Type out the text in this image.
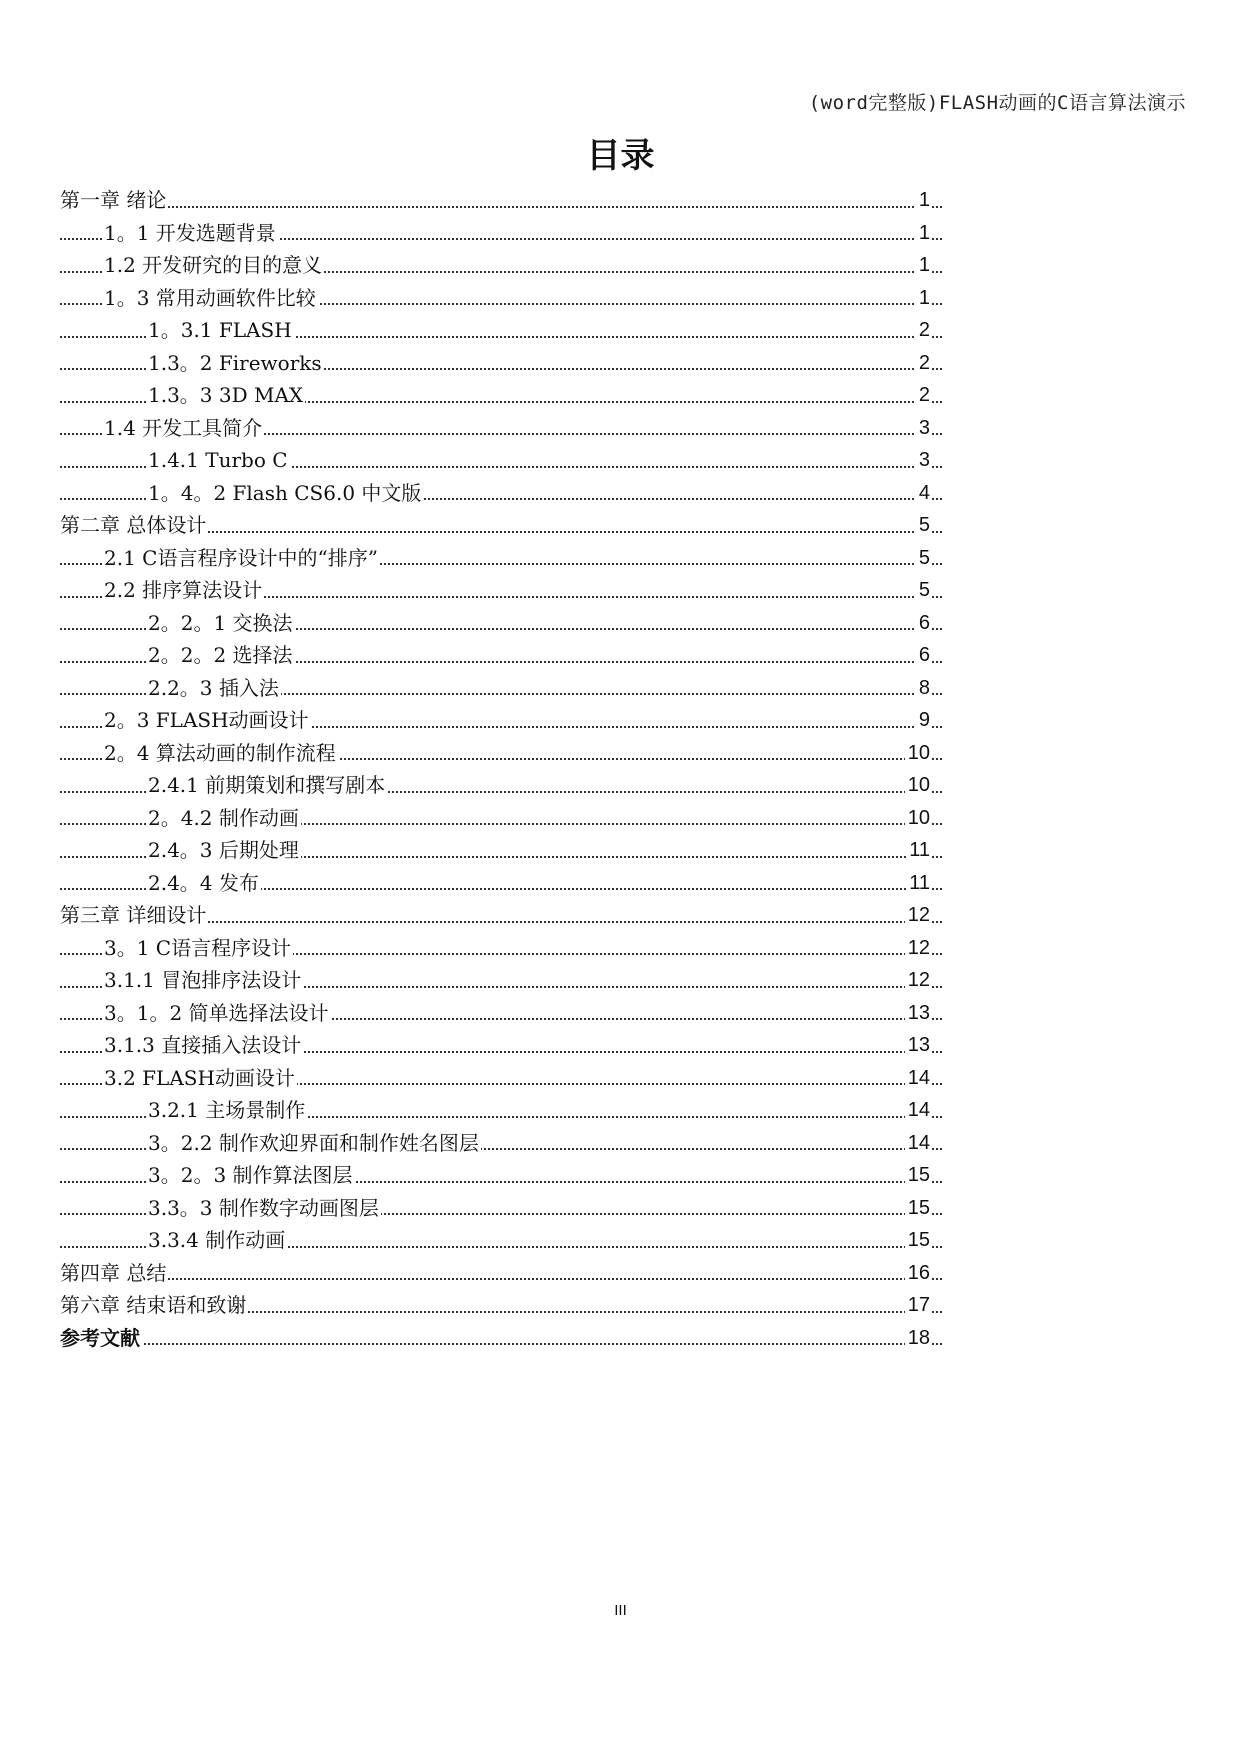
(word完整版)FLASH动画的C语言算法演示
目录
第一章 绪论	1
1。1 开发选题背景	1
1.2 开发研究的目的意义	1
1。3 常用动画软件比较	1
1。3.1 FLASH	2
1.3。2 Fireworks	2
1.3。3 3D MAX	2
1.4 开发工具简介	3
1.4.1 Turbo C	3
1。4。2 Flash CS6.0 中文版	4
第二章 总体设计	5
2.1 C语言程序设计中的“排序”	5
2.2 排序算法设计	5
2。2。1 交换法	6
2。2。2 选择法	6
2.2。3 插入法	8
2。3 FLASH动画设计	9
2。4 算法动画的制作流程	10
2.4.1 前期策划和撰写剧本	10
2。4.2 制作动画	10
2.4。3 后期处理	11
2.4。4 发布	11
第三章 详细设计	12
3。1 C语言程序设计	12
3.1.1 冒泡排序法设计	12
3。1。2 简单选择法设计	13
3.1.3 直接插入法设计	13
3.2 FLASH动画设计	14
3.2.1 主场景制作	14
3。2.2 制作欢迎界面和制作姓名图层	14
3。2。3 制作算法图层	15
3.3。3 制作数字动画图层	15
3.3.4 制作动画	15
第四章 总结	16
第六章 结束语和致谢	17
参考文献	18
III
